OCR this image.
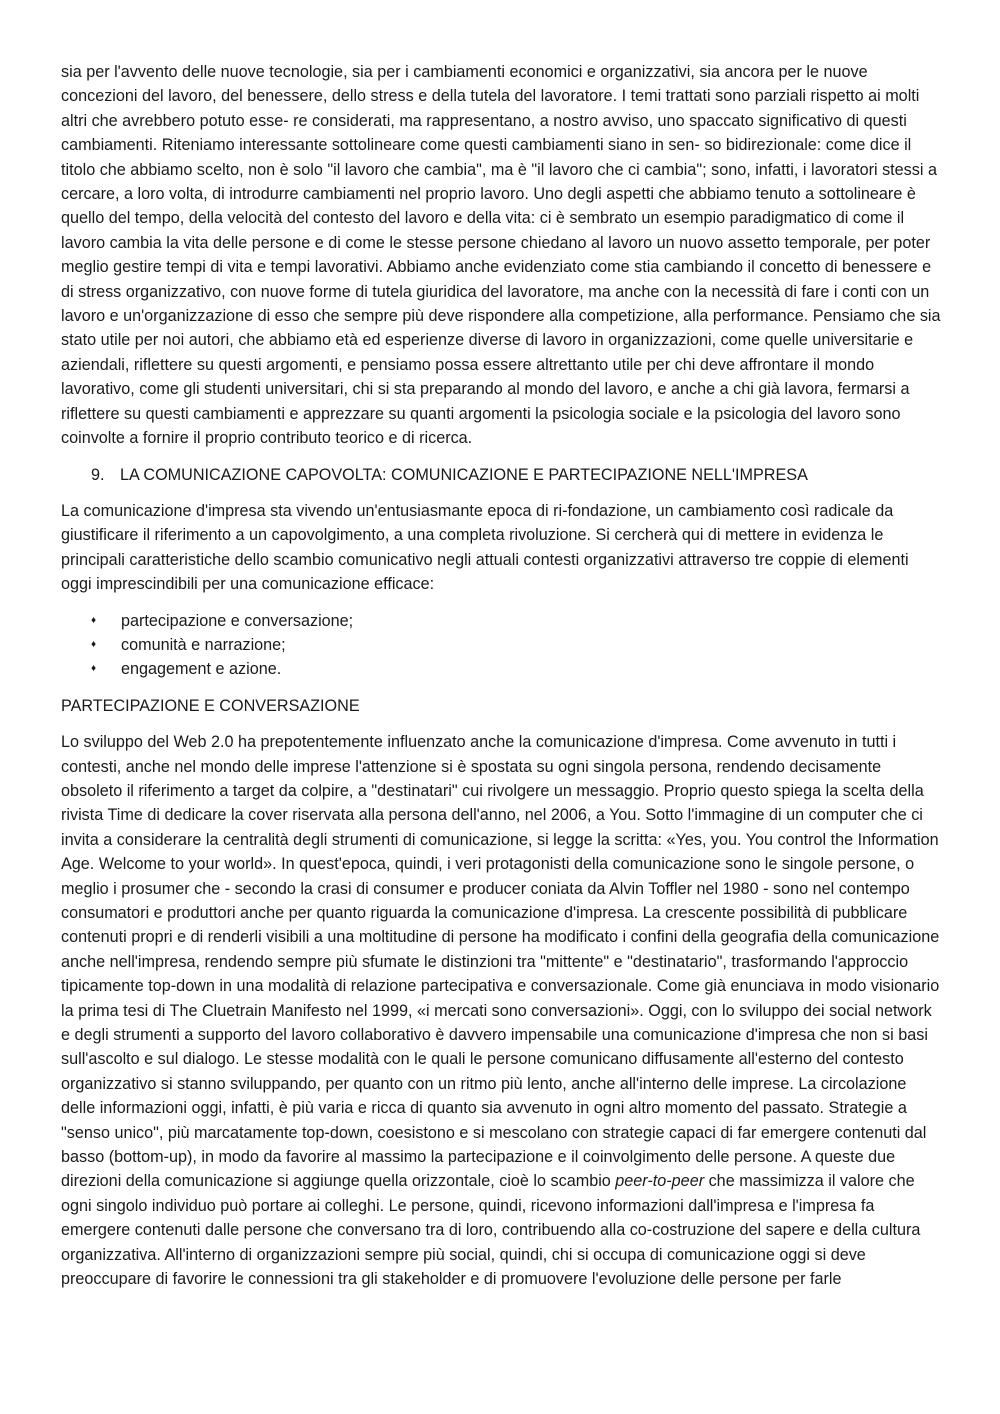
sia per l'avvento delle nuove tecnologie, sia per i cambiamenti economici e organizzativi, sia ancora per le nuove concezioni del lavoro, del benessere, dello stress e della tutela del lavoratore. I temi trattati sono parziali rispetto ai molti altri che avrebbero potuto esse- re considerati, ma rappresentano, a nostro avviso, uno spaccato significativo di questi cambiamenti. Riteniamo interessante sottolineare come questi cambiamenti siano in sen- so bidirezionale: come dice il titolo che abbiamo scelto, non è solo "il lavoro che cambia", ma è "il lavoro che ci cambia"; sono, infatti, i lavoratori stessi a cercare, a loro volta, di introdurre cambiamenti nel proprio lavoro. Uno degli aspetti che abbiamo tenuto a sottolineare è quello del tempo, della velocità del contesto del lavoro e della vita: ci è sembrato un esempio paradigmatico di come il lavoro cambia la vita delle persone e di come le stesse persone chiedano al lavoro un nuovo assetto temporale, per poter meglio gestire tempi di vita e tempi lavorativi. Abbiamo anche evidenziato come stia cambiando il concetto di benessere e di stress organizzativo, con nuove forme di tutela giuridica del lavoratore, ma anche con la necessità di fare i conti con un lavoro e un'organizzazione di esso che sempre più deve rispondere alla competizione, alla performance. Pensiamo che sia stato utile per noi autori, che abbiamo età ed esperienze diverse di lavoro in organizzazioni, come quelle universitarie e aziendali, riflettere su questi argomenti, e pensiamo possa essere altrettanto utile per chi deve affrontare il mondo lavorativo, come gli studenti universitari, chi si sta preparando al mondo del lavoro, e anche a chi già lavora, fermarsi a riflettere su questi cambiamenti e apprezzare su quanti argomenti la psicologia sociale e la psicologia del lavoro sono coinvolte a fornire il proprio contributo teorico e di ricerca.

9. LA COMUNICAZIONE CAPOVOLTA: COMUNICAZIONE E PARTECIPAZIONE NELL'IMPRESA

La comunicazione d'impresa sta vivendo un'entusiasmante epoca di ri-fondazione, un cambiamento così radicale da giustificare il riferimento a un capovolgimento, a una completa rivoluzione. Si cercherà qui di mettere in evidenza le principali caratteristiche dello scambio comunicativo negli attuali contesti organizzativi attraverso tre coppie di elementi oggi imprescindibili per una comunicazione efficace:

♦	partecipazione e conversazione;
♦	comunità e narrazione;
♦	engagement e azione.
PARTECIPAZIONE E CONVERSAZIONE

Lo sviluppo del Web 2.0 ha prepotentemente influenzato anche la comunicazione d'impresa. Come avvenuto in tutti i contesti, anche nel mondo delle imprese l'attenzione si è spostata su ogni singola persona, rendendo decisamente obsoleto il riferimento a target da colpire, a "destinatari" cui rivolgere un messaggio. Proprio questo spiega la scelta della rivista Time di dedicare la cover riservata alla persona dell'anno, nel 2006, a You. Sotto l'immagine di un computer che ci invita a considerare la centralità degli strumenti di comunicazione, si legge la scritta: «Yes, you. You control the Information Age. Welcome to your world». In quest'epoca, quindi, i veri protagonisti della comunicazione sono le singole persone, o meglio i prosumer che - secondo la crasi di consumer e producer coniata da Alvin Toffler nel 1980 - sono nel contempo consumatori e produttori anche per quanto riguarda la comunicazione d'impresa. La crescente possibilità di pubblicare contenuti propri e di renderli visibili a una moltitudine di persone ha modificato i confini della geografia della comunicazione anche nell'impresa, rendendo sempre più sfumate le distinzioni tra "mittente" e "destinatario", trasformando l'approccio tipicamente top-down in una modalità di relazione partecipativa e conversazionale. Come già enunciava in modo visionario la prima tesi di The Cluetrain Manifesto nel 1999, «i mercati sono conversazioni». Oggi, con lo sviluppo dei social network e degli strumenti a supporto del lavoro collaborativo è davvero impensabile una comunicazione d'impresa che non si basi sull'ascolto e sul dialogo. Le stesse modalità con le quali le persone comunicano diffusamente all'esterno del contesto organizzativo si stanno sviluppando, per quanto con un ritmo più lento, anche all'interno delle imprese. La circolazione delle informazioni oggi, infatti, è più varia e ricca di quanto sia avvenuto in ogni altro momento del passato. Strategie a "senso unico", più marcatamente top-down, coesistono e si mescolano con strategie capaci di far emergere contenuti dal basso (bottom-up), in modo da favorire al massimo la partecipazione e il coinvolgimento delle persone. A queste due direzioni della comunicazione si aggiunge quella orizzontale, cioè lo scambio peer-to-peer che massimizza il valore che ogni singolo individuo può portare ai colleghi. Le persone, quindi, ricevono informazioni dall'impresa e l'impresa fa emergere contenuti dalle persone che conversano tra di loro, contribuendo alla co-costruzione del sapere e della cultura organizzativa. All'interno di organizzazioni sempre più social, quindi, chi si occupa di comunicazione oggi si deve preoccupare di favorire le connessioni tra gli stakeholder e di promuovere l'evoluzione delle persone per farle
